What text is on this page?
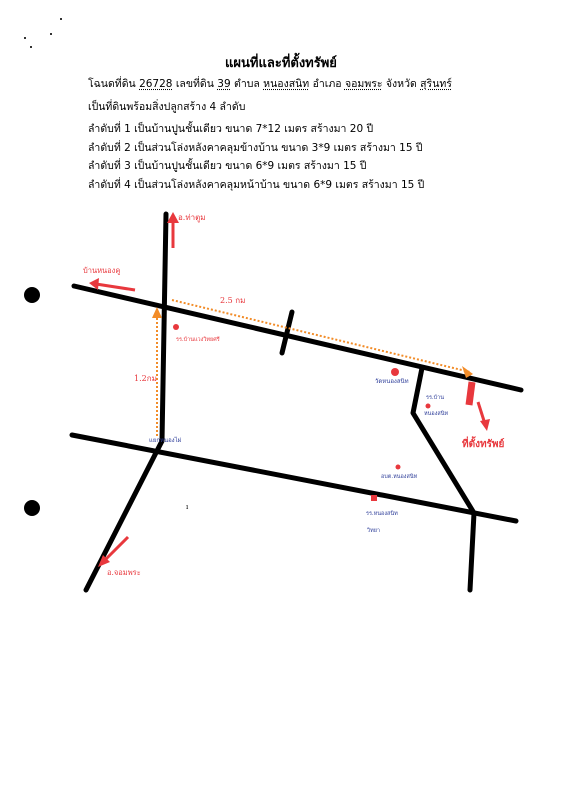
แผนที่และที่ตั้งทรัพย์
โฉนดที่ดิน 26728 เลขที่ดิน 39 ตำบล หนองสนิท อำเภอ จอมพระ จังหวัด สุรินทร์
เป็นที่ดินพร้อมสิ่งปลูกสร้าง 4 ลำดับ
ลำดับที่ 1 เป็นบ้านปูนชั้นเดียว ขนาด 7*12 เมตร สร้างมา 20 ปี
ลำดับที่ 2 เป็นส่วนโล่งหลังคาคลุมข้างบ้าน ขนาด 3*9 เมตร สร้างมา 15 ปี
ลำดับที่ 3 เป็นบ้านปูนชั้นเดียว ขนาด 6*9 เมตร สร้างมา 15 ปี
ลำดับที่ 4 เป็นส่วนโล่งหลังคาคลุมหน้าบ้าน ขนาด 6*9 เมตร สร้างมา 15 ปี
อ.ท่าตูม
บ้านหนองคู
2.5 กม
รร.บ้านแวงวิทยศรี
1.2กม
แยกหนองไผ่
วัดหนองสนิท
รร.บ้าน
หนองสนิท
ที่ตั้งทรัพย์
อบต.หนองสนิท
รร.หนองสนิท
วิทยา
อ.จอมพระ
ı
